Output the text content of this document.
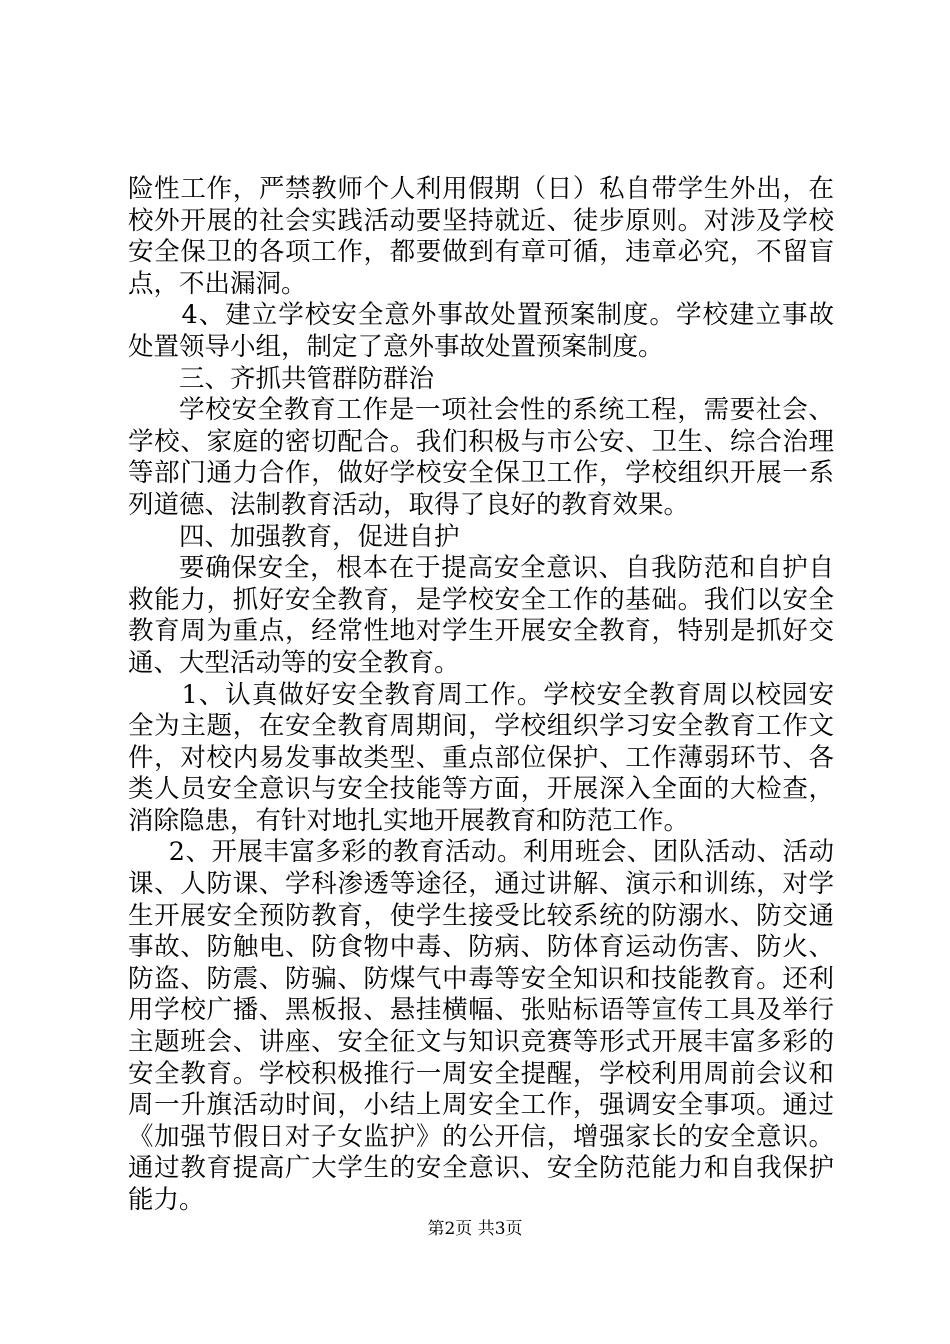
险性工作，严禁教师个人利用假期（日）私自带学生外出，在校外开展的社会实践活动要坚持就近、徒步原则。对涉及学校安全保卫的各项工作，都要做到有章可循，违章必究，不留盲点，不出漏洞。

4、建立学校安全意外事故处置预案制度。学校建立事故处置领导小组，制定了意外事故处置预案制度。

三、齐抓共管群防群治

学校安全教育工作是一项社会性的系统工程，需要社会、学校、家庭的密切配合。我们积极与市公安、卫生、综合治理等部门通力合作，做好学校安全保卫工作，学校组织开展一系列道德、法制教育活动，取得了良好的教育效果。

四、加强教育，促进自护

要确保安全，根本在于提高安全意识、自我防范和自护自救能力，抓好安全教育，是学校安全工作的基础。我们以安全教育周为重点，经常性地对学生开展安全教育，特别是抓好交通、大型活动等的安全教育。

1、认真做好安全教育周工作。学校安全教育周以校园安全为主题，在安全教育周期间，学校组织学习安全教育工作文件，对校内易发事故类型、重点部位保护、工作薄弱环节、各类人员安全意识与安全技能等方面，开展深入全面的大检查，消除隐患，有针对地扎实地开展教育和防范工作。

2、开展丰富多彩的教育活动。利用班会、团队活动、活动课、人防课、学科渗透等途径，通过讲解、演示和训练，对学生开展安全预防教育，使学生接受比较系统的防溺水、防交通事故、防触电、防食物中毒、防病、防体育运动伤害、防火、防盗、防震、防骗、防煤气中毒等安全知识和技能教育。还利用学校广播、黑板报、悬挂横幅、张贴标语等宣传工具及举行主题班会、讲座、安全征文与知识竞赛等形式开展丰富多彩的安全教育。学校积极推行一周安全提醒，学校利用周前会议和周一升旗活动时间，小结上周安全工作，强调安全事项。通过《加强节假日对子女监护》的公开信，增强家长的安全意识。通过教育提高广大学生的安全意识、安全防范能力和自我保护能力。

第2页 共3页
